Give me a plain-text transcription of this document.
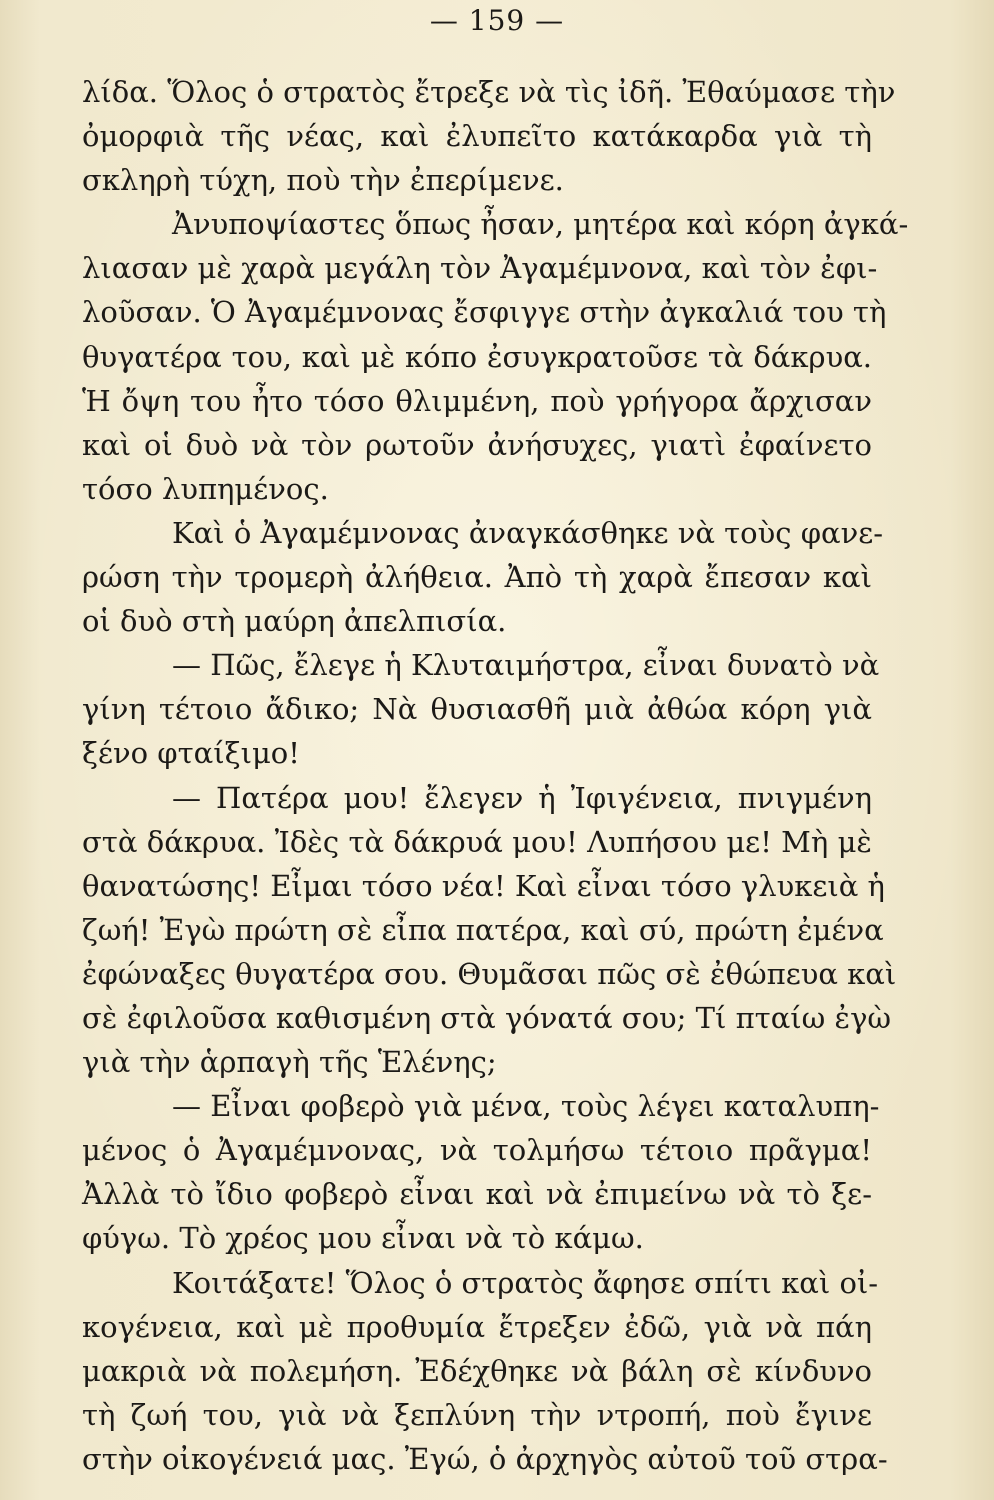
— 159 —
λίδα. Ὅλος ὁ στρατὸς ἔτρεξε νὰ τὶς ἰδῆ. Ἐθαύμασε τὴν
ὀμορφιὰ τῆς νέας, καὶ ἐλυπεῖτο κατάκαρδα γιὰ τὴ
σκληρὴ τύχη, ποὺ τὴν ἐπερίμενε.
Ἀνυποψίαστες ὅπως ἦσαν, μητέρα καὶ κόρη ἀγκά-
λιασαν μὲ χαρὰ μεγάλη τὸν Ἀγαμέμνονα, καὶ τὸν ἐφι-
λοῦσαν. Ὁ Ἀγαμέμνονας ἔσφιγγε στὴν ἀγκαλιά του τὴ
θυγατέρα του, καὶ μὲ κόπο ἐσυγκρατοῦσε τὰ δάκρυα.
Ἡ ὄψη του ἦτο τόσο θλιμμένη, ποὺ γρήγορα ἄρχισαν
καὶ οἱ δυὸ νὰ τὸν ρωτοῦν ἀνήσυχες, γιατὶ ἐφαίνετο
τόσο λυπημένος.
Καὶ ὁ Ἀγαμέμνονας ἀναγκάσθηκε νὰ τοὺς φανε-
ρώση τὴν τρομερὴ ἀλήθεια. Ἀπὸ τὴ χαρὰ ἔπεσαν καὶ
οἱ δυὸ στὴ μαύρη ἀπελπισία.
— Πῶς, ἔλεγε ἡ Κλυταιμήστρα, εἶναι δυνατὸ νὰ
γίνη τέτοιο ἄδικο; Νὰ θυσιασθῆ μιὰ ἀθώα κόρη γιὰ
ξένο φταίξιμο!
— Πατέρα μου! ἔλεγεν ἡ Ἰφιγένεια, πνιγμένη
στὰ δάκρυα. Ἰδὲς τὰ δάκρυά μου! Λυπήσου με! Μὴ μὲ
θανατώσης! Εἶμαι τόσο νέα! Καὶ εἶναι τόσο γλυκειὰ ἡ
ζωή! Ἐγὼ πρώτη σὲ εἶπα πατέρα, καὶ σύ, πρώτη ἐμένα
ἐφώναξες θυγατέρα σου. Θυμᾶσαι πῶς σὲ ἐθώπευα καὶ
σὲ ἐφιλοῦσα καθισμένη στὰ γόνατά σου; Τί πταίω ἐγὼ
γιὰ τὴν ἁρπαγὴ τῆς Ἑλένης;
— Εἶναι φοβερὸ γιὰ μένα, τοὺς λέγει καταλυπη-
μένος ὁ Ἀγαμέμνονας, νὰ τολμήσω τέτοιο πρᾶγμα!
Ἀλλὰ τὸ ἴδιο φοβερὸ εἶναι καὶ νὰ ἐπιμείνω νὰ τὸ ξε-
φύγω. Τὸ χρέος μου εἶναι νὰ τὸ κάμω.
Κοιτάξατε! Ὅλος ὁ στρατὸς ἄφησε σπίτι καὶ οἰ-
κογένεια, καὶ μὲ προθυμία ἔτρεξεν ἐδῶ, γιὰ νὰ πάη
μακριὰ νὰ πολεμήση. Ἐδέχθηκε νὰ βάλη σὲ κίνδυνο
τὴ ζωή του, γιὰ νὰ ξεπλύνη τὴν ντροπή, ποὺ ἔγινε
στὴν οἰκογένειά μας. Ἐγώ, ὁ ἀρχηγὸς αὐτοῦ τοῦ στρα-
